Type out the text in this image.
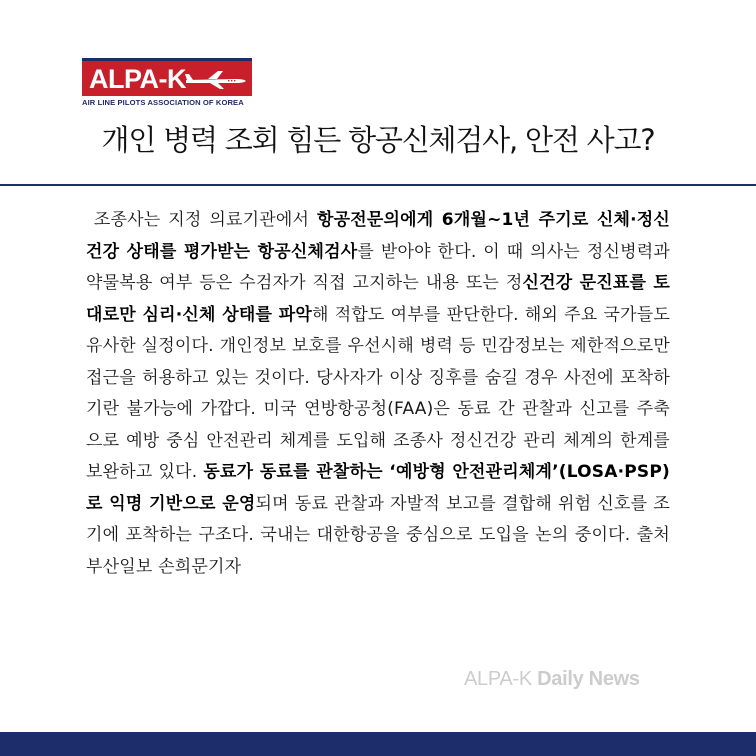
ALPA-K
AIR LINE PILOTS ASSOCIATION OF KOREA
개인 병력 조회 힘든 항공신체검사, 안전 사고?

조종사는 지정 의료기관에서 항공전문의에게 6개월~1년 주기로 신체·정신 건강 상태를 평가받는 항공신체검사를 받아야 한다. 이 때 의사는 정신병력과 약물복용 여부 등은 수검자가 직접 고지하는 내용 또는 정신건강 문진표를 토대로만 심리·신체 상태를 파악해 적합도 여부를 판단한다. 해외 주요 국가들도 유사한 실정이다. 개인정보 보호를 우선시해 병력 등 민감정보는 제한적으로만 접근을 허용하고 있는 것이다. 당사자가 이상 징후를 숨길 경우 사전에 포착하기란 불가능에 가깝다. 미국 연방항공청(FAA)은 동료 간 관찰과 신고를 주축으로 예방 중심 안전관리 체계를 도입해 조종사 정신건강 관리 체계의 한계를 보완하고 있다. 동료가 동료를 관찰하는 ‘예방형 안전관리체계’(LOSA·PSP)로 익명 기반으로 운영되며 동료 관찰과 자발적 보고를 결합해 위험 신호를 조기에 포착하는 구조다. 국내는 대한항공을 중심으로 도입을 논의 중이다. 출처 부산일보 손희문기자

ALPA-K Daily News
